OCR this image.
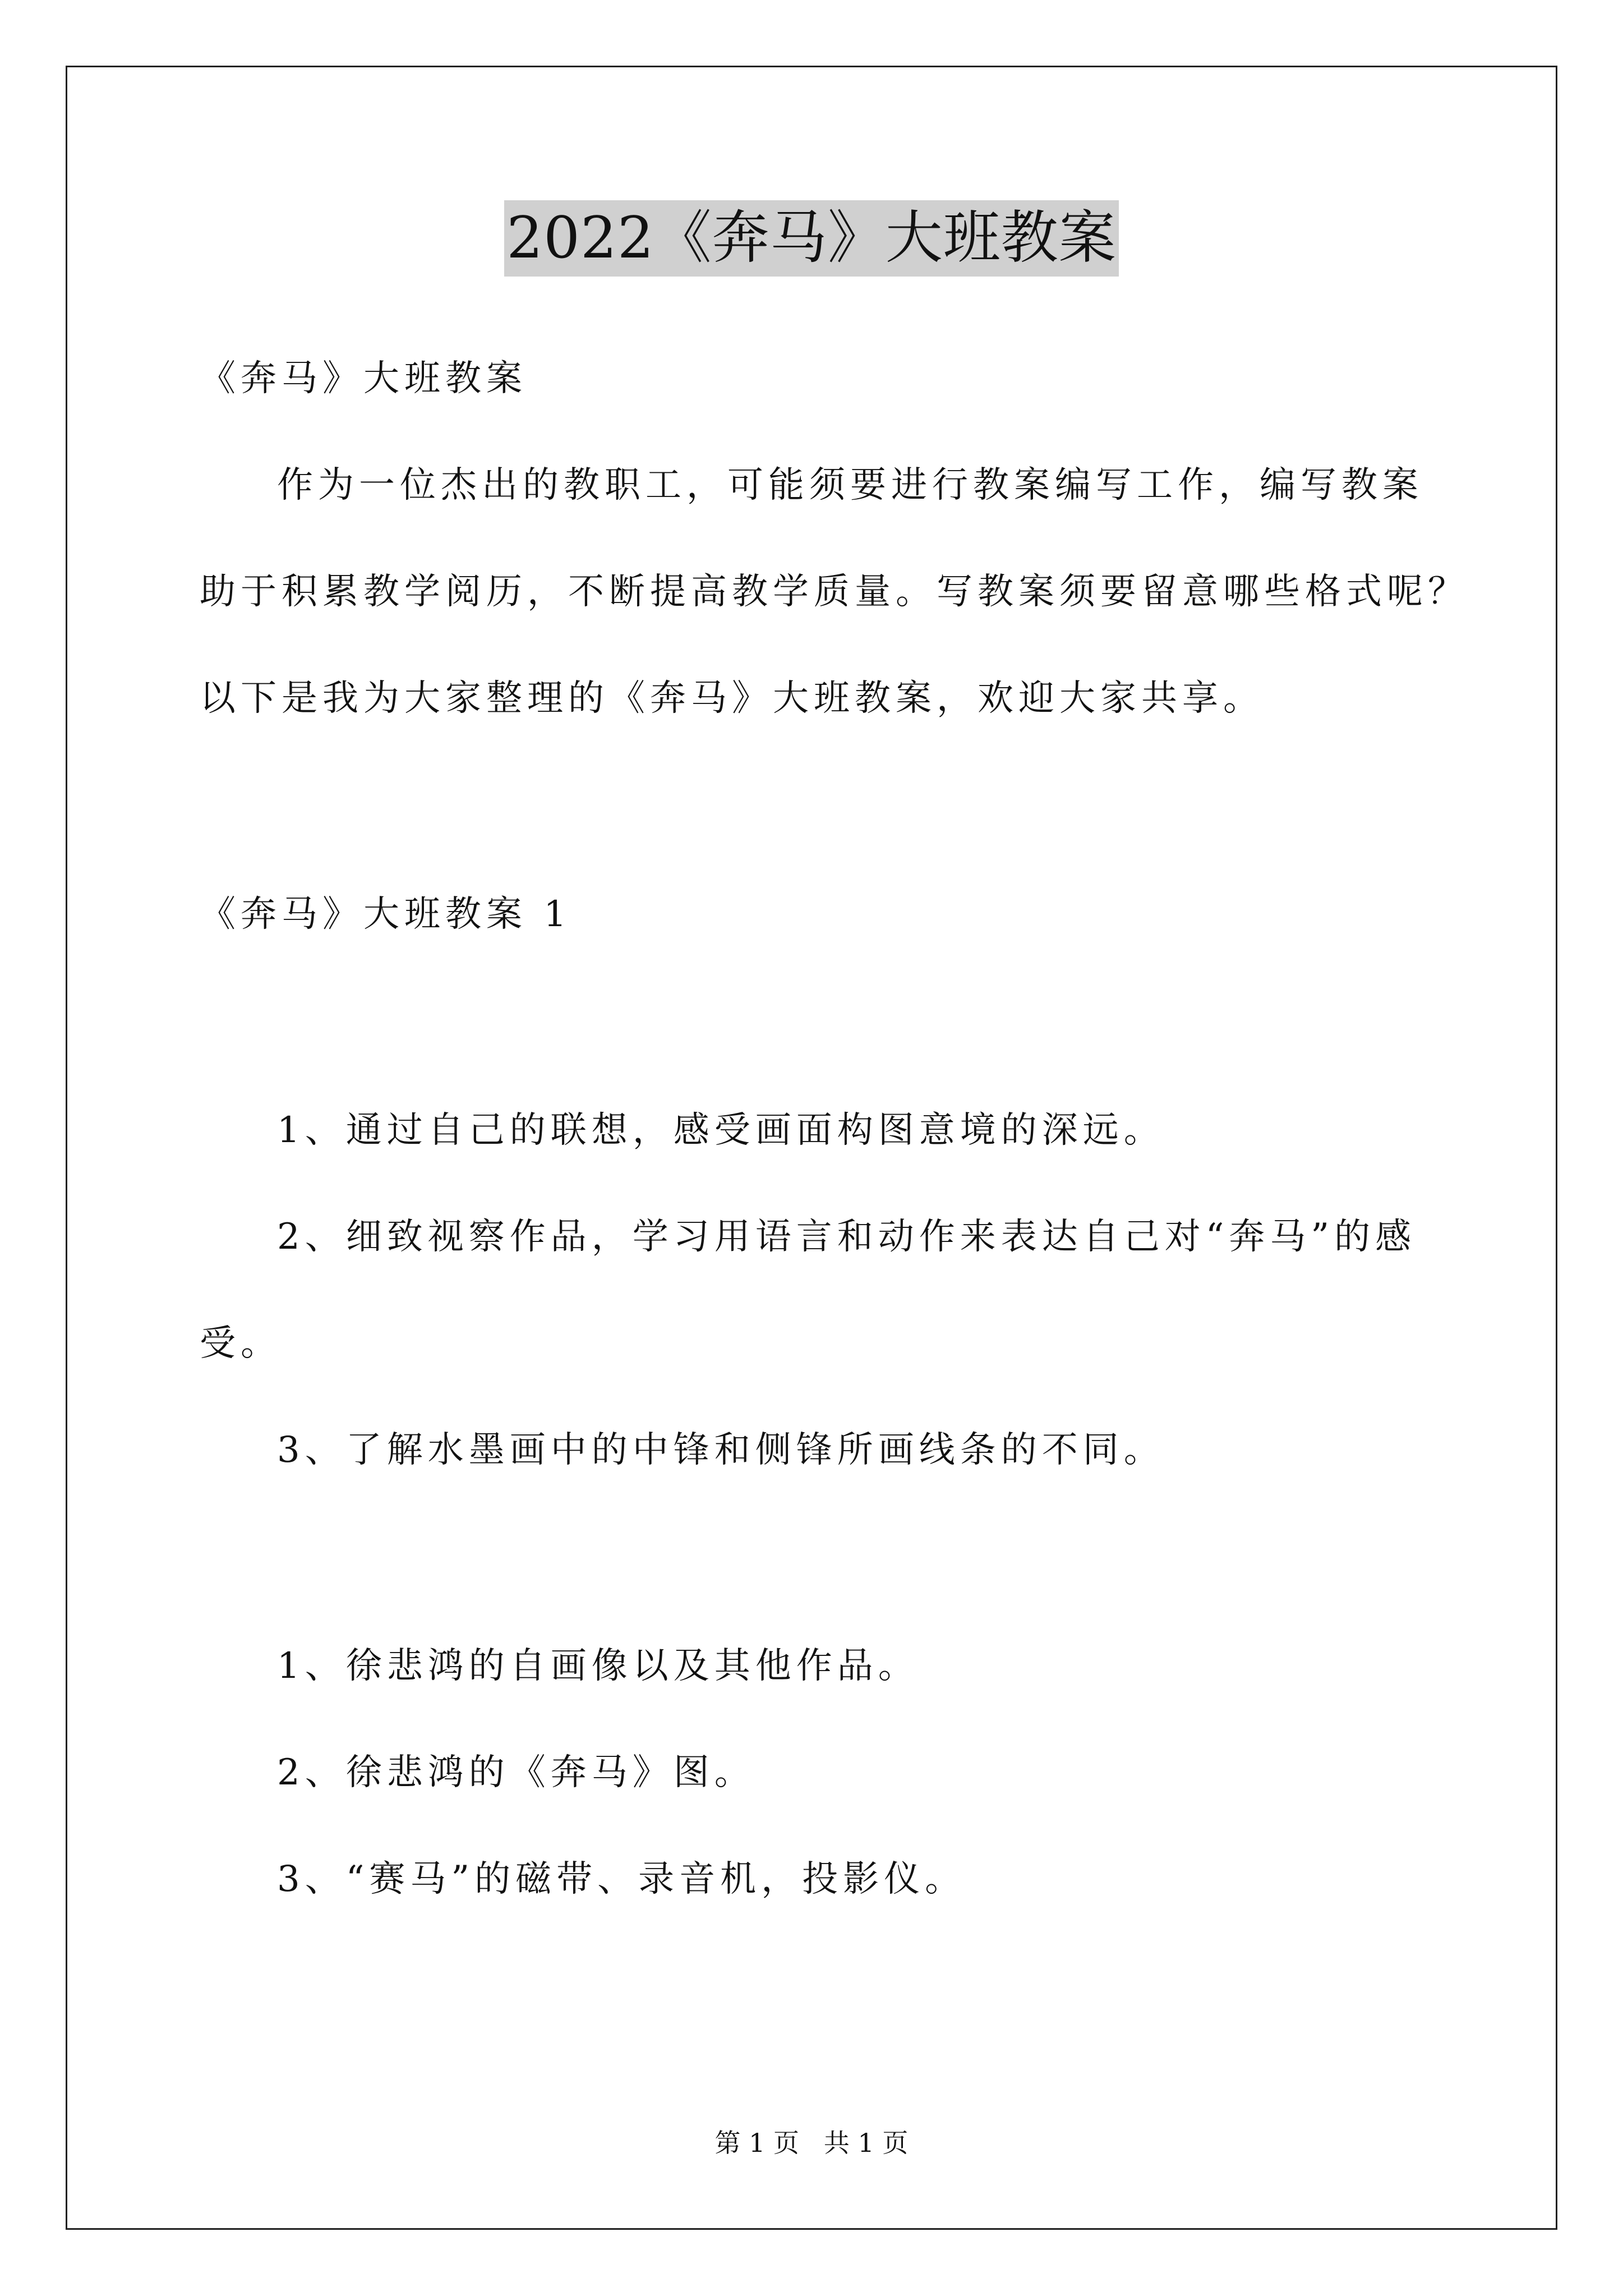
2022《奔马》大班教案
《奔马》大班教案
作为一位杰出的教职工，可能须要进行教案编写工作，编写教案
助于积累教学阅历，不断提高教学质量。写教案须要留意哪些格式呢？
以下是我为大家整理的《奔马》大班教案，欢迎大家共享。
《奔马》大班教案 1
1、通过自己的联想，感受画面构图意境的深远。
2、细致视察作品，学习用语言和动作来表达自己对“奔马”的感
受。
3、了解水墨画中的中锋和侧锋所画线条的不同。
1、徐悲鸿的自画像以及其他作品。
2、徐悲鸿的《奔马》图。
3、“赛马”的磁带、录音机，投影仪。
第 1 页   共 1 页
